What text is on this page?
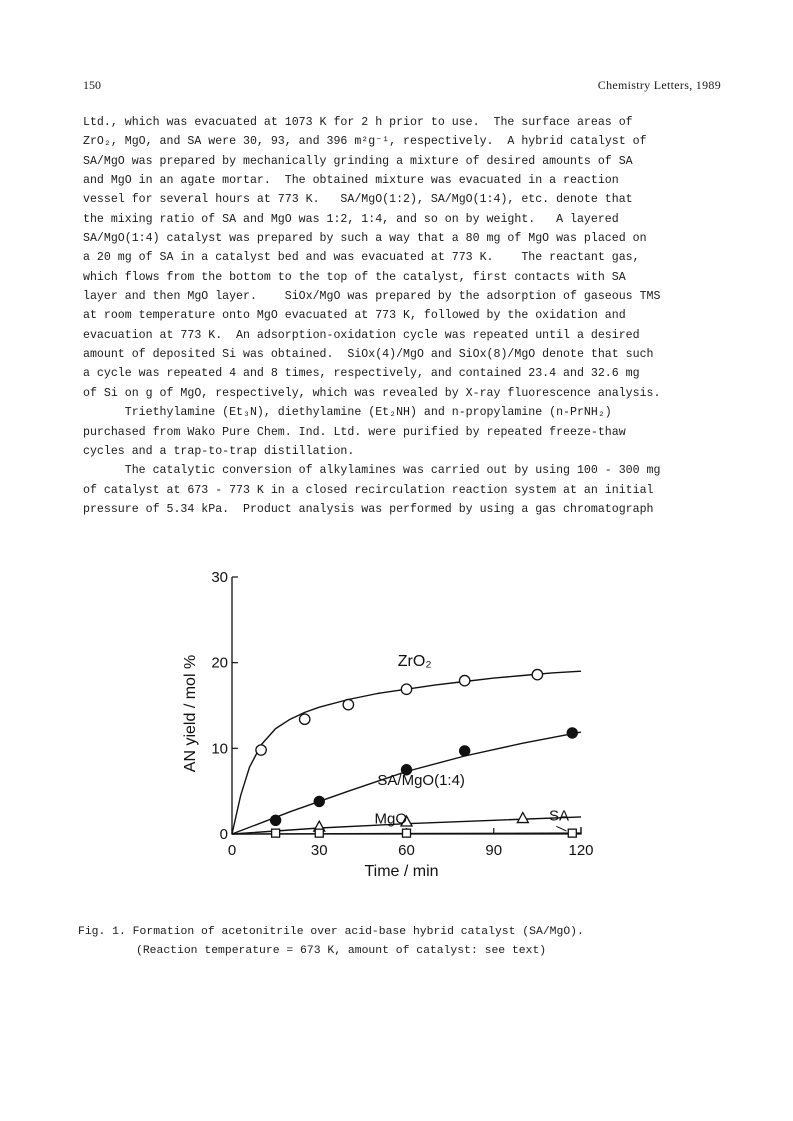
150	Chemistry Letters, 1989
Ltd., which was evacuated at 1073 K for 2 h prior to use.  The surface areas of
ZrO₂, MgO, and SA were 30, 93, and 396 m²g⁻¹, respectively.  A hybrid catalyst of
SA/MgO was prepared by mechanically grinding a mixture of desired amounts of SA
and MgO in an agate mortar.  The obtained mixture was evacuated in a reaction
vessel for several hours at 773 K.   SA/MgO(1:2), SA/MgO(1:4), etc. denote that
the mixing ratio of SA and MgO was 1:2, 1:4, and so on by weight.   A layered
SA/MgO(1:4) catalyst was prepared by such a way that a 80 mg of MgO was placed on
a 20 mg of SA in a catalyst bed and was evacuated at 773 K.    The reactant gas,
which flows from the bottom to the top of the catalyst, first contacts with SA
layer and then MgO layer.    SiOx/MgO was prepared by the adsorption of gaseous TMS
at room temperature onto MgO evacuated at 773 K, followed by the oxidation and
evacuation at 773 K.  An adsorption-oxidation cycle was repeated until a desired
amount of deposited Si was obtained.  SiOx(4)/MgO and SiOx(8)/MgO denote that such
a cycle was repeated 4 and 8 times, respectively, and contained 23.4 and 32.6 mg
of Si on g of MgO, respectively, which was revealed by X-ray fluorescence analysis.
Triethylamine (Et₃N), diethylamine (Et₂NH) and n-propylamine (n-PrNH₂)
purchased from Wako Pure Chem. Ind. Ltd. were purified by repeated freeze-thaw
cycles and a trap-to-trap distillation.
The catalytic conversion of alkylamines was carried out by using 100 - 300 mg
of catalyst at 673 - 773 K in a closed recirculation reaction system at an initial
pressure of 5.34 kPa.  Product analysis was performed by using a gas chromatograph
0
10
20
30
0	30	60	90	120
Time / min
AN yield / mol %	ZrO₂
SA/MgO(1:4)
MgO	SA
Fig. 1. Formation of acetonitrile over acid-base hybrid catalyst (SA/MgO).
(Reaction temperature = 673 K, amount of catalyst: see text)
